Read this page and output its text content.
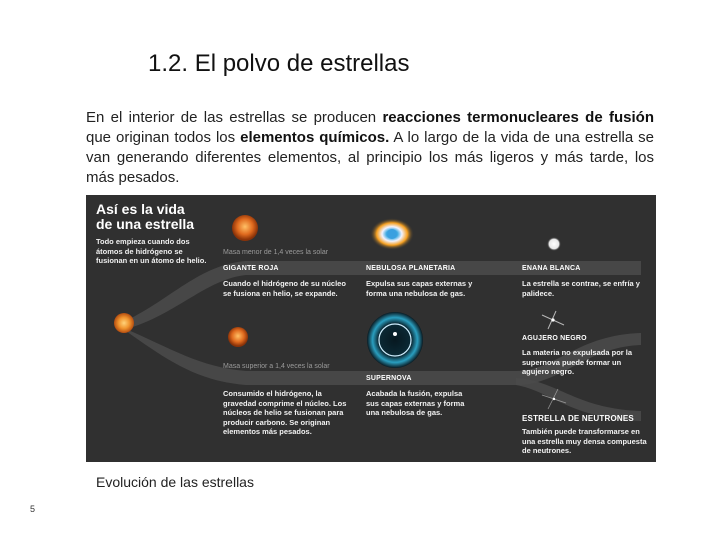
1.2. El polvo de estrellas
En el interior de las estrellas se producen reacciones termonucleares de fusión que originan todos los elementos químicos. A lo largo de la vida de una estrella se van generando diferentes elementos, al principio los más ligeros y más tarde, los más pesados.
Así es la vida
de una estrella
Todo empieza cuando dos átomos de hidrógeno se fusionan en un átomo de helio.
Masa menor de 1,4 veces la solar
GIGANTE ROJA
Cuando el hidrógeno de su núcleo se fusiona en helio, se expande.
NEBULOSA PLANETARIA
Expulsa sus capas externas y forma una nebulosa de gas.
ENANA BLANCA
La estrella se contrae, se enfría y palidece.
Masa superior a 1,4 veces la solar
Consumido el hidrógeno, la gravedad comprime el núcleo. Los núcleos de helio se fusionan para producir carbono. Se originan elementos más pesados.
SUPERNOVA
Acabada la fusión, expulsa sus capas externas y forma una nebulosa de gas.
AGUJERO NEGRO
La materia no expulsada por la supernova puede formar un agujero negro.
ESTRELLA DE NEUTRONES
También puede transformarse en una estrella muy densa compuesta de neutrones.
Evolución de las estrellas
5
